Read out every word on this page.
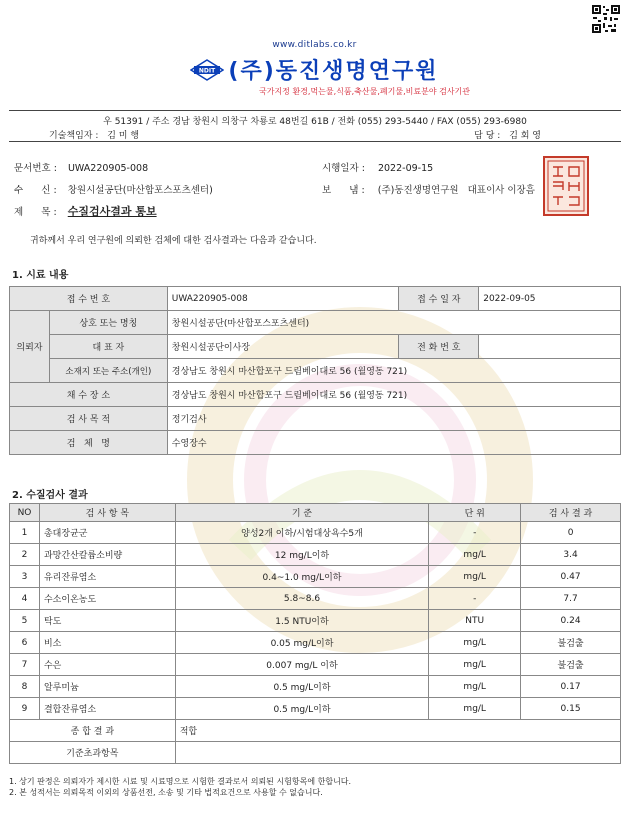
www.ditlabs.co.kr
NDIT (주)동진생명연구원
국가지정 환경,먹는물,식품,축산물,폐기물,비료분야 검사기관
우 51391 / 주소 경남 창원시 의창구 차룡로 48번길 61B / 전화 (055) 293-5440 / FAX (055) 293-6980
기술책임자 : 김 미 행	담 당 : 김 회 영
문서번호 : UWA220905-008	시행일자 : 2022-09-15
수      신 : 창원시설공단(마산합포스포츠센터)	보      냄 : (주)동진생명연구원 대표이사 이장흠
제      목 : 수질검사결과 통보
귀하께서 우리 연구원에 의뢰한 검체에 대한 검사결과는 다음과 같습니다.
1. 시료 내용
접 수 번 호		UWA220905-008	접 수 일 자	2022-09-05
의뢰자	상호 또는 명칭	창원시설공단(마산합포스포츠센터)		
	대 표 자	창원시설공단이사장	전 화 번 호	
	소재지 또는 주소(개인)	경상남도 창원시 마산합포구 드림베이대로 56 (월영동 721)		
채 수 장 소		경상남도 창원시 마산합포구 드림베이대로 56 (월영동 721)		
검 사 목 적		정기검사		
검   체   명		수영장수		
2. 수질검사 결과
NO	검 사 항 목	기 준	단 위	검 사 결 과
1	총대장균군	양성2개 이하/시험대상욕수5개	-	0
2	과망간산칼륨소비량	12 mg/L이하	mg/L	3.4
3	유리잔류염소	0.4~1.0 mg/L이하	mg/L	0.47
4	수소이온농도	5.8~8.6	-	7.7
5	탁도	1.5 NTU이하	NTU	0.24
6	비소	0.05 mg/L이하	mg/L	불검출
7	수은	0.007 mg/L 이하	mg/L	불검출
8	알루미늄	0.5 mg/L이하	mg/L	0.17
9	결합잔류염소	0.5 mg/L이하	mg/L	0.15
종 합 결 과		적합		
기준초과항목				
1. 상기 판정은 의뢰자가 제시한 시료 및 시료명으로 시험한 결과로서 의뢰된 시험항목에 한합니다.
2. 본 성적서는 의뢰목적 이외의 상품선전, 소송 및 기타 법적요건으로 사용할 수 없습니다.
